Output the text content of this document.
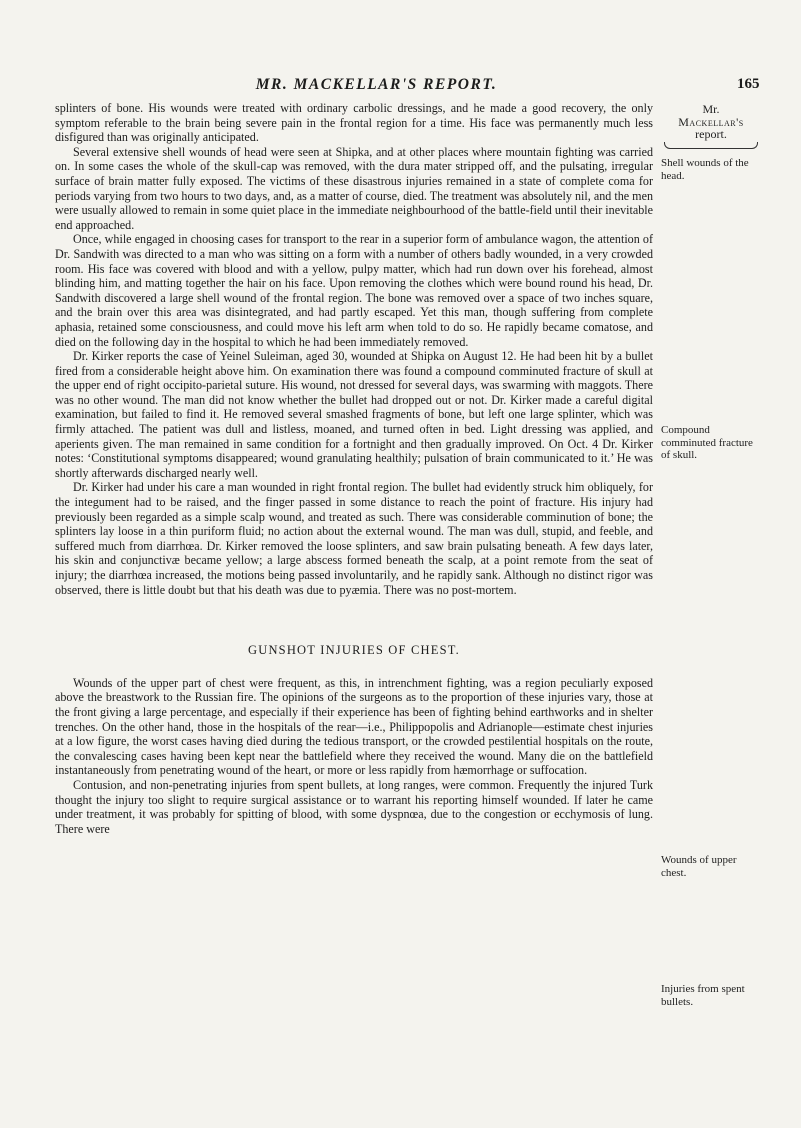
MR. MACKELLAR'S REPORT.	165
Mr.
Mackellar's
report.
Shell wounds of the head.
Compound comminuted fracture of skull.
Wounds of upper chest.
Injuries from spent bullets.

splinters of bone. His wounds were treated with ordinary carbolic dressings, and he made a good recovery, the only symptom referable to the brain being severe pain in the frontal region for a time. His face was permanently much less disfigured than was originally anticipated.

Several extensive shell wounds of head were seen at Shipka, and at other places where mountain fighting was carried on. In some cases the whole of the skull-cap was removed, with the dura mater stripped off, and the pulsating, irregular surface of brain matter fully exposed. The victims of these disastrous injuries remained in a state of complete coma for periods varying from two hours to two days, and, as a matter of course, died. The treatment was absolutely nil, and the men were usually allowed to remain in some quiet place in the immediate neighbourhood of the battle-field until their inevitable end approached.

Once, while engaged in choosing cases for transport to the rear in a superior form of ambulance wagon, the attention of Dr. Sandwith was directed to a man who was sitting on a form with a number of others badly wounded, in a very crowded room. His face was covered with blood and with a yellow, pulpy matter, which had run down over his forehead, almost blinding him, and matting together the hair on his face. Upon removing the clothes which were bound round his head, Dr. Sandwith discovered a large shell wound of the frontal region. The bone was removed over a space of two inches square, and the brain over this area was disintegrated, and had partly escaped. Yet this man, though suffering from complete aphasia, retained some consciousness, and could move his left arm when told to do so. He rapidly became comatose, and died on the following day in the hospital to which he had been immediately removed.

Dr. Kirker reports the case of Yeinel Suleiman, aged 30, wounded at Shipka on August 12. He had been hit by a bullet fired from a considerable height above him. On examination there was found a compound comminuted fracture of skull at the upper end of right occipito-parietal suture. His wound, not dressed for several days, was swarming with maggots. There was no other wound. The man did not know whether the bullet had dropped out or not. Dr. Kirker made a careful digital examination, but failed to find it. He removed several smashed fragments of bone, but left one large splinter, which was firmly attached. The patient was dull and listless, moaned, and turned often in bed. Light dressing was applied, and aperients given. The man remained in same condition for a fortnight and then gradually improved. On Oct. 4 Dr. Kirker notes: ‘Constitutional symptoms disappeared; wound granulating healthily; pulsation of brain communicated to it.’ He was shortly afterwards discharged nearly well.

Dr. Kirker had under his care a man wounded in right frontal region. The bullet had evidently struck him obliquely, for the integument had to be raised, and the finger passed in some distance to reach the point of fracture. His injury had previously been regarded as a simple scalp wound, and treated as such. There was considerable comminution of bone; the splinters lay loose in a thin puriform fluid; no action about the external wound. The man was dull, stupid, and feeble, and suffered much from diarrhœa. Dr. Kirker removed the loose splinters, and saw brain pulsating beneath. A few days later, his skin and conjunctivæ became yellow; a large abscess formed beneath the scalp, at a point remote from the seat of injury; the diarrhœa increased, the motions being passed involuntarily, and he rapidly sank. Although no distinct rigor was observed, there is little doubt but that his death was due to pyæmia. There was no post-mortem.

GUNSHOT INJURIES OF CHEST.

Wounds of the upper part of chest were frequent, as this, in intrenchment fighting, was a region peculiarly exposed above the breastwork to the Russian fire. The opinions of the surgeons as to the proportion of these injuries vary, those at the front giving a large percentage, and especially if their experience has been of fighting behind earthworks and in shelter trenches. On the other hand, those in the hospitals of the rear—i.e., Philippopolis and Adrianople—estimate chest injuries at a low figure, the worst cases having died during the tedious transport, or the crowded pestilential hospitals on the route, the convalescing cases having been kept near the battlefield where they received the wound. Many die on the battlefield instantaneously from penetrating wound of the heart, or more or less rapidly from hæmorrhage or suffocation.

Contusion, and non-penetrating injuries from spent bullets, at long ranges, were common. Frequently the injured Turk thought the injury too slight to require surgical assistance or to warrant his reporting himself wounded. If later he came under treatment, it was probably for spitting of blood, with some dyspnœa, due to the congestion or ecchymosis of lung. There were
